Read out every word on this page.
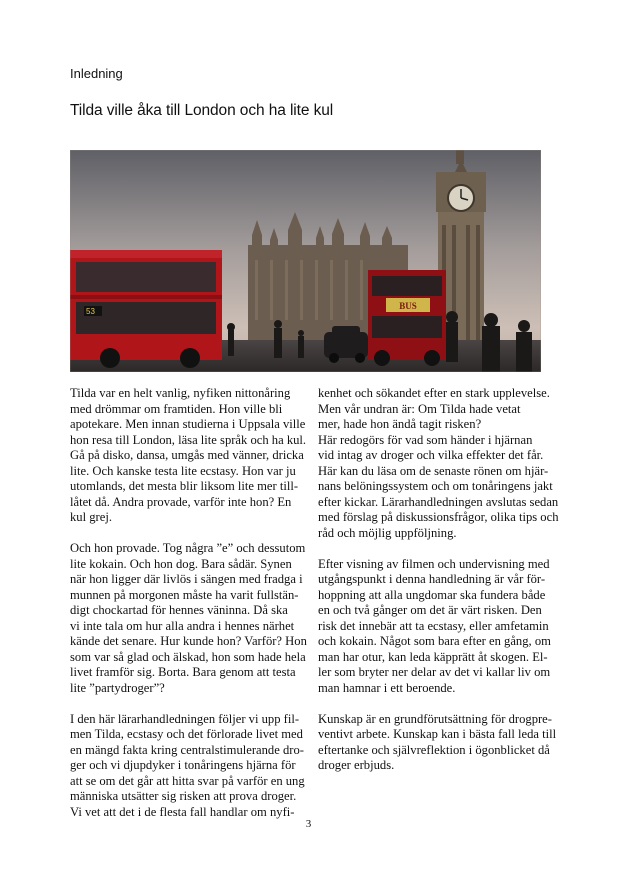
Inledning
Tilda ville åka till London och ha lite kul
53
BUS
Tilda var en helt vanlig, nyfiken nittonåring
med drömmar om framtiden. Hon ville bli
apotekare. Men innan studierna i Uppsala ville
hon resa till London, läsa lite språk och ha kul.
Gå på disko, dansa, umgås med vänner, dricka
lite. Och kanske testa lite ecstasy. Hon var ju
utomlands, det mesta blir liksom lite mer till-
låtet då. Andra provade, varför inte hon? En
kul grej.
Och hon provade. Tog några ”e” och dessutom
lite kokain. Och hon dog. Bara sådär. Synen
när hon ligger där livlös i sängen med fradga i
munnen på morgonen måste ha varit fullstän-
digt chockartad för hennes väninna. Då ska
vi inte tala om hur alla andra i hennes närhet
kände det senare. Hur kunde hon? Varför? Hon
som var så glad och älskad, hon som hade hela
livet framför sig. Borta. Bara genom att testa
lite ”partydroger”?
I den här lärarhandledningen följer vi upp fil-
men Tilda, ecstasy och det förlorade livet med
en mängd fakta kring centralstimulerande dro-
ger och vi djupdyker i tonåringens hjärna för
att se om det går att hitta svar på varför en ung
människa utsätter sig risken att prova droger.
Vi vet att det i de flesta fall handlar om nyfi-
kenhet och sökandet efter en stark upplevelse.
Men vår undran är: Om Tilda hade vetat
mer, hade hon ändå tagit risken?
Här redogörs för vad som händer i hjärnan
vid intag av droger och vilka effekter det får.
Här kan du läsa om de senaste rönen om hjär-
nans belöningssystem och om tonåringens jakt
efter kickar. Lärarhandledningen avslutas sedan
med förslag på diskussionsfrågor, olika tips och
råd och möjlig uppföljning.
Efter visning av filmen och undervisning med
utgångspunkt i denna handledning är vår för-
hoppning att alla ungdomar ska fundera både
en och två gånger om det är värt risken. Den
risk det innebär att ta ecstasy, eller amfetamin
och kokain. Något som bara efter en gång, om
man har otur, kan leda käpprätt åt skogen. El-
ler som bryter ner delar av det vi kallar liv om
man hamnar i ett beroende.
Kunskap är en grundförutsättning för drogpre-
ventivt arbete. Kunskap kan i bästa fall leda till
eftertanke och självreflektion i ögonblicket då
droger erbjuds.
3
